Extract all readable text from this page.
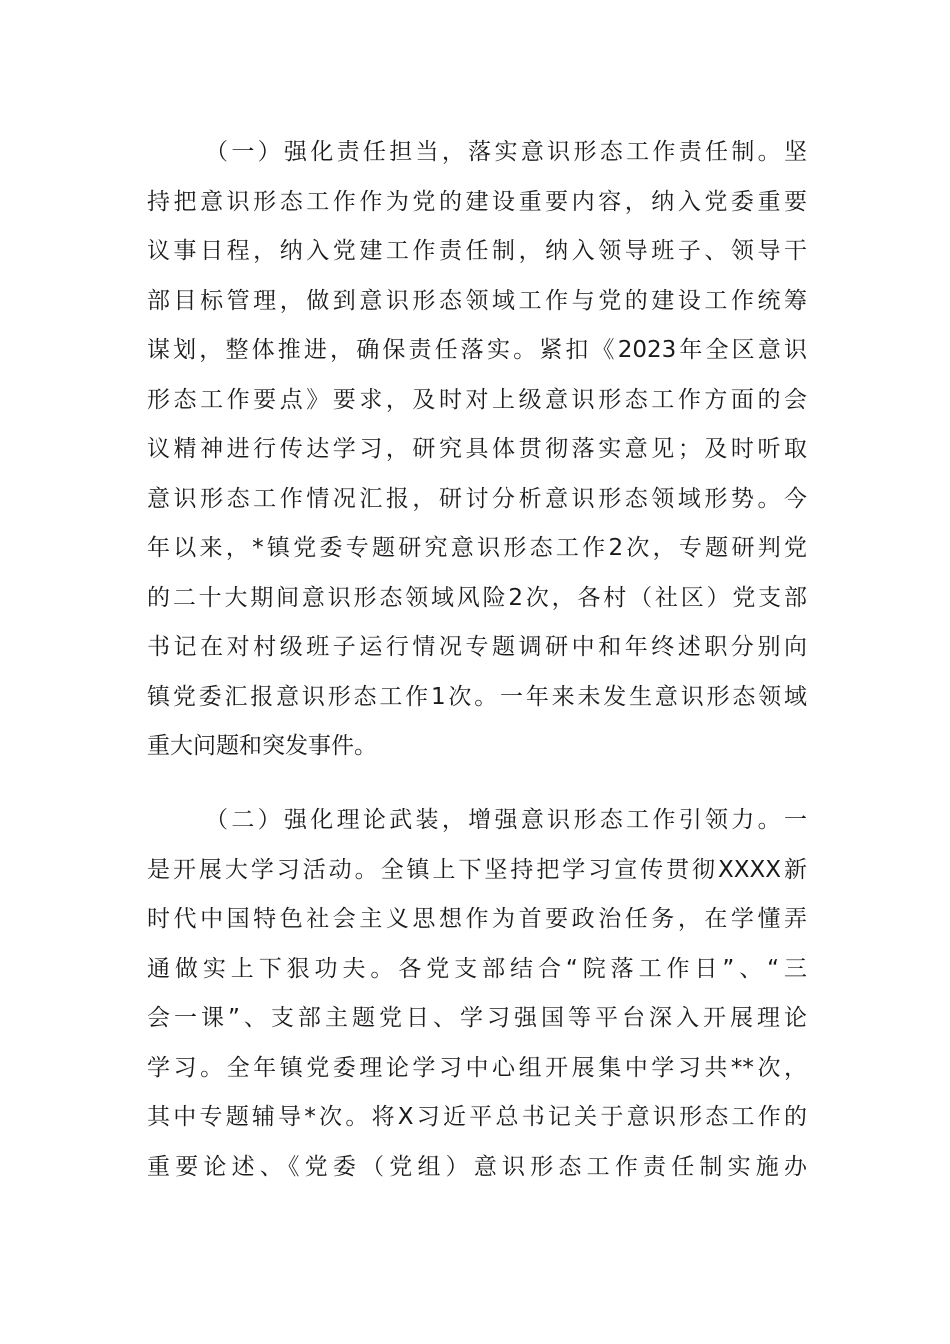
（一）强化责任担当，落实意识形态工作责任制。坚
持把意识形态工作作为党的建设重要内容，纳入党委重要
议事日程，纳入党建工作责任制，纳入领导班子、领导干
部目标管理，做到意识形态领域工作与党的建设工作统筹
谋划，整体推进，确保责任落实。紧扣《2023年全区意识
形态工作要点》要求，及时对上级意识形态工作方面的会
议精神进行传达学习，研究具体贯彻落实意见；及时听取
意识形态工作情况汇报，研讨分析意识形态领域形势。今
年以来，*镇党委专题研究意识形态工作2次，专题研判党
的二十大期间意识形态领域风险2次，各村（社区）党支部
书记在对村级班子运行情况专题调研中和年终述职分别向
镇党委汇报意识形态工作1次。一年来未发生意识形态领域
重大问题和突发事件。
（二）强化理论武装，增强意识形态工作引领力。一
是开展大学习活动。全镇上下坚持把学习宣传贯彻XXXX新
时代中国特色社会主义思想作为首要政治任务，在学懂弄
通做实上下狠功夫。各党支部结合“院落工作日”、“三
会一课”、支部主题党日、学习强国等平台深入开展理论
学习。全年镇党委理论学习中心组开展集中学习共**次，
其中专题辅导*次。将X习近平总书记关于意识形态工作的
重要论述、《党委（党组）意识形态工作责任制实施办
